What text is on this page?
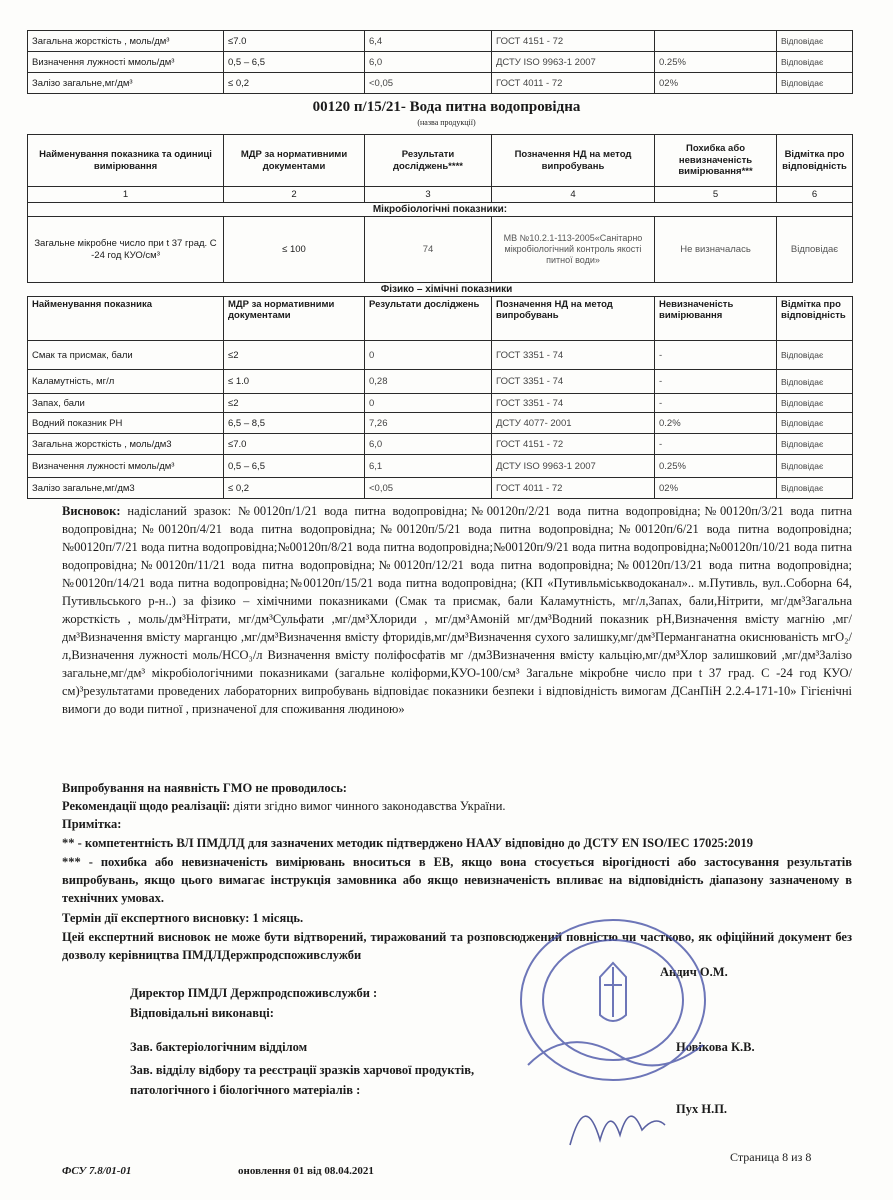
Загальна жорсткість , моль/дм³	≤7.0	6,4	ГОСТ 4151 - 72		Відповідає
Визначення лужності ммоль/дм³	0,5 – 6,5	6,0	ДСТУ ISO 9963-1 2007	0.25%	Відповідає
Залізо загальне,мг/дм³	≤ 0,2	<0,05	ГОСТ 4011 - 72	02%	Відповідає
00120 п/15/21- Вода питна водопровідна
(назва продукції)
Найменування показника та одиниці вимірювання	МДР за нормативними документами	Результати досліджень****	Позначення НД на метод випробувань	Похибка або невизначеність вимірювання***	Відмітка про відповідність
1	2	3	4	5	6
Мікробіологічні показники:					
Загальне мікробне число при t 37 град. С -24 год КУО/см³	≤ 100	74	МВ №10.2.1-113-2005«Санітарно мікробіологічний контроль якості питної води»	Не визначалась	Відповідає
Фізико – хімічні показники
Найменування показника	МДР за нормативними документами	Результати досліджень	Позначення НД на метод випробувань	Невизначеність вимірювання	Відмітка про відповідність
Смак та присмак, бали	≤2	0	ГОСТ 3351 - 74	-	Відповідає
Каламутність, мг/л	≤ 1.0	0,28	ГОСТ 3351 - 74	-	Відповідає
Запах, бали	≤2	0	ГОСТ 3351 - 74	-	Відповідає
Водний показник РН	6,5 – 8,5	7,26	ДСТУ 4077- 2001	0.2%	Відповідає
Загальна жорсткість , моль/дм3	≤7.0	6,0	ГОСТ 4151 - 72	-	Відповідає
Визначення лужності ммоль/дм³	0,5 – 6,5	6,1	ДСТУ ISO 9963-1 2007	0.25%	Відповідає
Залізо загальне,мг/дм3	≤ 0,2	<0,05	ГОСТ 4011 - 72	02%	Відповідає
Висновок: надісланий зразок: №00120п/1/21 вода питна водопровідна;№00120п/2/21 вода питна водопровідна;№00120п/3/21 вода питна водопровідна;№00120п/4/21 вода питна водопровідна;№00120п/5/21 вода питна водопровідна;№00120п/6/21 вода питна водопровідна;№00120п/7/21 вода питна водопровідна;№00120п/8/21 вода питна водопровідна;№00120п/9/21 вода питна водопровідна;№00120п/10/21 вода питна водопровідна;№00120п/11/21 вода питна водопровідна;№00120п/12/21 вода питна водопровідна;№00120п/13/21 вода питна водопровідна;№00120п/14/21 вода питна водопровідна;№00120п/15/21 вода питна водопровідна; (КП «Путивльміськводоканал».. м.Путивль, вул..Соборна 64, Путивльського р-н..) за фізико – хімічними показниками (Смак та присмак, бали Каламутність, мг/л,Запах, бали,Нітрити, мг/дм³Загальна жорсткість , моль/дм³Нітрати, мг/дм³Сульфати ,мг/дм³Хлориди , мг/дм³Амоній мг/дм³Водний показник рН,Визначення вмісту магнію ,мг/дм³Визначення вмісту марганцю ,мг/дм³Визначення вмісту фторидів,мг/дм³Визначення сухого залишку,мг/дм³Перманганатна окиснюваність мгО₂/л,Визначення лужності моль/НСО₃/л Визначення вмісту поліфосфатів мг /дм3Визначення вмісту кальцію,мг/дм³Хлор залишковий ,мг/дм³Залізо загальне,мг/дм³ мікробіологічними показниками (загальне коліформи,КУО-100/см³ Загальне мікробне число при t 37 град. С -24 год КУО/см)³результатами проведених лабораторних випробувань відповідає показники безпеки і відповідність вимогам ДСанПіН 2.2.4-171-10» Гігієнічні вимоги до води питної , призначеної для споживання людиною»
Випробування на наявність ГМО не проводилось:
Рекомендації щодо реалізації: діяти згідно вимог чинного законодавства України.
Примітка:
** - компетентність ВЛ ПМДЛД для зазначених методик підтверджено НААУ відповідно до ДСТУ EN ISO/IEC 17025:2019
*** - похибка або невизначеність вимірювань вноситься в ЕВ, якщо вона стосується вірогідності або застосування результатів випробувань, якщо цього вимагає інструкція замовника або якщо невизначеність впливає на відповідність діапазону зазначеному в технічних умовах.
Термін дії експертного висновку: 1 місяць.
Цей експертний висновок не може бути відтворений, тиражований та розповсюджений повністю чи частково, як офіційний документ без дозволу керівництва ПМДЛДержпродспоживслужби
Директор ПМДЛ Держпродспоживслужби :
Андич О.М.
Відповідальні виконавці:
Зав. бактеріологічним відділом	Новікова К.В.
Зав. відділу відбору та реєстрації зразків харчової продуктів, патологічного і біологічного матеріалів :
Пух Н.П.
ФСУ 7.8/01-01	оновлення 01 від 08.04.2021
Страница 8 из 8
